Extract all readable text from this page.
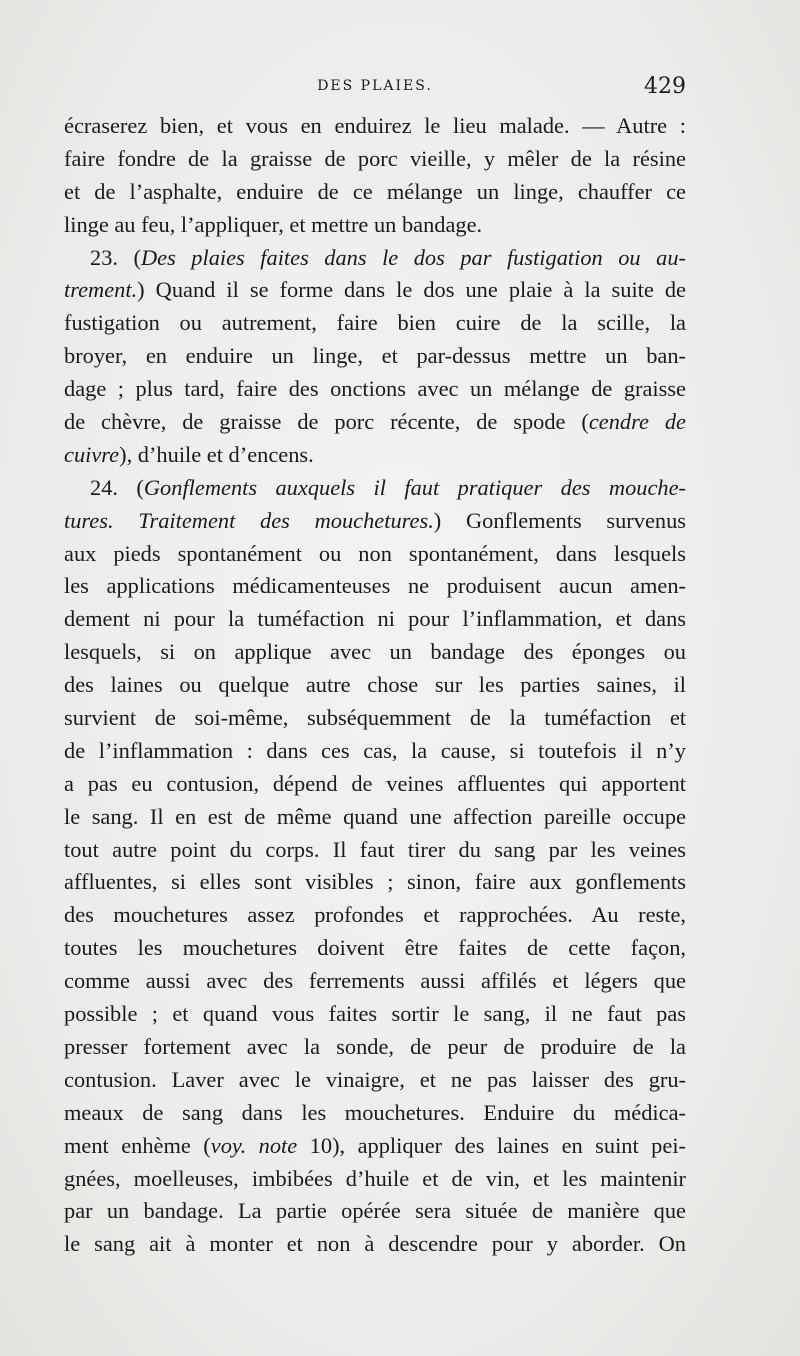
DES PLAIES.	429
écraserez bien, et vous en enduirez le lieu malade. — Autre :
faire fondre de la graisse de porc vieille, y mêler de la résine
et de l’asphalte, enduire de ce mélange un linge, chauffer ce
linge au feu, l’appliquer, et mettre un bandage.
23. (Des plaies faites dans le dos par fustigation ou au-
trement.) Quand il se forme dans le dos une plaie à la suite de
fustigation ou autrement, faire bien cuire de la scille, la
broyer, en enduire un linge, et par-dessus mettre un ban-
dage ; plus tard, faire des onctions avec un mélange de graisse
de chèvre, de graisse de porc récente, de spode (cendre de
cuivre), d’huile et d’encens.
24. (Gonflements auxquels il faut pratiquer des mouche-
tures. Traitement des mouchetures.) Gonflements survenus
aux pieds spontanément ou non spontanément, dans lesquels
les applications médicamenteuses ne produisent aucun amen-
dement ni pour la tuméfaction ni pour l’inflammation, et dans
lesquels, si on applique avec un bandage des éponges ou
des laines ou quelque autre chose sur les parties saines, il
survient de soi-même, subséquemment de la tuméfaction et
de l’inflammation : dans ces cas, la cause, si toutefois il n’y
a pas eu contusion, dépend de veines affluentes qui apportent
le sang. Il en est de même quand une affection pareille occupe
tout autre point du corps. Il faut tirer du sang par les veines
affluentes, si elles sont visibles ; sinon, faire aux gonflements
des mouchetures assez profondes et rapprochées. Au reste,
toutes les mouchetures doivent être faites de cette façon,
comme aussi avec des ferrements aussi affilés et légers que
possible ; et quand vous faites sortir le sang, il ne faut pas
presser fortement avec la sonde, de peur de produire de la
contusion. Laver avec le vinaigre, et ne pas laisser des gru-
meaux de sang dans les mouchetures. Enduire du médica-
ment enhème (voy. note 10), appliquer des laines en suint pei-
gnées, moelleuses, imbibées d’huile et de vin, et les maintenir
par un bandage. La partie opérée sera située de manière que
le sang ait à monter et non à descendre pour y aborder. On
